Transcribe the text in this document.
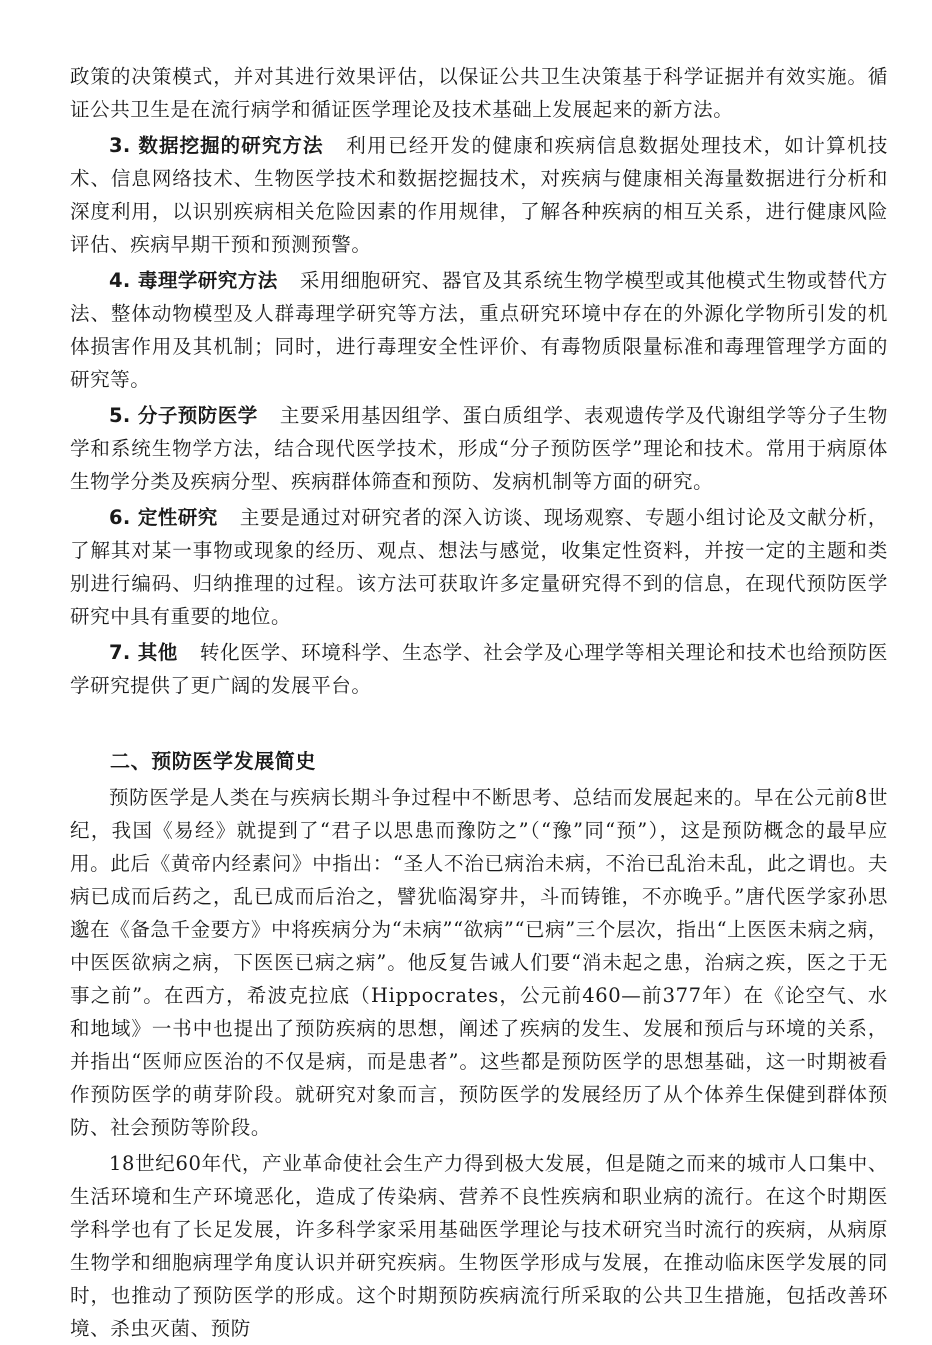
政策的决策模式，并对其进行效果评估，以保证公共卫生决策基于科学证据并有效实施。循证公共卫生是在流行病学和循证医学理论及技术基础上发展起来的新方法。

3. 数据挖掘的研究方法 利用已经开发的健康和疾病信息数据处理技术，如计算机技术、信息网络技术、生物医学技术和数据挖掘技术，对疾病与健康相关海量数据进行分析和深度利用，以识别疾病相关危险因素的作用规律，了解各种疾病的相互关系，进行健康风险评估、疾病早期干预和预测预警。

4. 毒理学研究方法 采用细胞研究、器官及其系统生物学模型或其他模式生物或替代方法、整体动物模型及人群毒理学研究等方法，重点研究环境中存在的外源化学物所引发的机体损害作用及其机制；同时，进行毒理安全性评价、有毒物质限量标准和毒理管理学方面的研究等。

5. 分子预防医学 主要采用基因组学、蛋白质组学、表观遗传学及代谢组学等分子生物学和系统生物学方法，结合现代医学技术，形成“分子预防医学”理论和技术。常用于病原体生物学分类及疾病分型、疾病群体筛查和预防、发病机制等方面的研究。

6. 定性研究 主要是通过对研究者的深入访谈、现场观察、专题小组讨论及文献分析，了解其对某一事物或现象的经历、观点、想法与感觉，收集定性资料，并按一定的主题和类别进行编码、归纳推理的过程。该方法可获取许多定量研究得不到的信息，在现代预防医学研究中具有重要的地位。

7. 其他 转化医学、环境科学、生态学、社会学及心理学等相关理论和技术也给预防医学研究提供了更广阔的发展平台。

二、预防医学发展简史

预防医学是人类在与疾病长期斗争过程中不断思考、总结而发展起来的。早在公元前8世纪，我国《易经》就提到了“君子以思患而豫防之”（“豫”同“预”），这是预防概念的最早应用。此后《黄帝内经素问》中指出：“圣人不治已病治未病，不治已乱治未乱，此之谓也。夫病已成而后药之，乱已成而后治之，譬犹临渴穿井，斗而铸锥，不亦晚乎。”唐代医学家孙思邈在《备急千金要方》中将疾病分为“未病”“欲病”“已病”三个层次，指出“上医医未病之病，中医医欲病之病，下医医已病之病”。他反复告诫人们要“消未起之患，治病之疾，医之于无事之前”。在西方，希波克拉底（Hippocrates，公元前460—前377年）在《论空气、水和地域》一书中也提出了预防疾病的思想，阐述了疾病的发生、发展和预后与环境的关系，并指出“医师应医治的不仅是病，而是患者”。这些都是预防医学的思想基础，这一时期被看作预防医学的萌芽阶段。就研究对象而言，预防医学的发展经历了从个体养生保健到群体预防、社会预防等阶段。

18世纪60年代，产业革命使社会生产力得到极大发展，但是随之而来的城市人口集中、生活环境和生产环境恶化，造成了传染病、营养不良性疾病和职业病的流行。在这个时期医学科学也有了长足发展，许多科学家采用基础医学理论与技术研究当时流行的疾病，从病原生物学和细胞病理学角度认识并研究疾病。生物医学形成与发展，在推动临床医学发展的同时，也推动了预防医学的形成。这个时期预防疾病流行所采取的公共卫生措施，包括改善环境、杀虫灭菌、预防
